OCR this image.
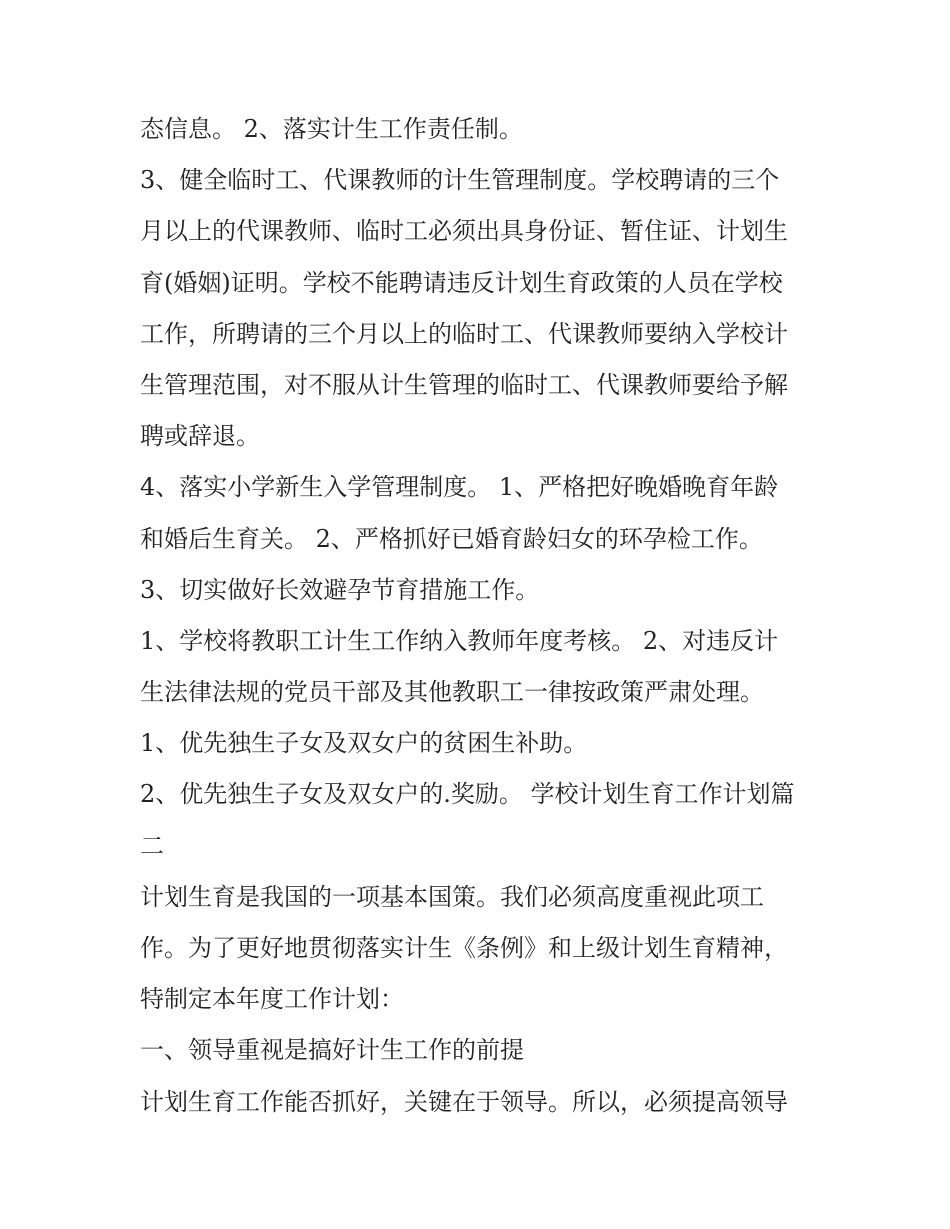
态信息。 2、落实计生工作责任制。
3、健全临时工、代课教师的计生管理制度。学校聘请的三个
月以上的代课教师、临时工必须出具身份证、暂住证、计划生
育(婚姻)证明。学校不能聘请违反计划生育政策的人员在学校
工作，所聘请的三个月以上的临时工、代课教师要纳入学校计
生管理范围，对不服从计生管理的临时工、代课教师要给予解
聘或辞退。
4、落实小学新生入学管理制度。 1、严格把好晚婚晚育年龄
和婚后生育关。 2、严格抓好已婚育龄妇女的环孕检工作。
3、切实做好长效避孕节育措施工作。
1、学校将教职工计生工作纳入教师年度考核。 2、对违反计
生法律法规的党员干部及其他教职工一律按政策严肃处理。
1、优先独生子女及双女户的贫困生补助。
2、优先独生子女及双女户的.奖励。 学校计划生育工作计划篇
二
计划生育是我国的一项基本国策。我们必须高度重视此项工
作。为了更好地贯彻落实计生《条例》和上级计划生育精神，
特制定本年度工作计划：
一、领导重视是搞好计生工作的前提
计划生育工作能否抓好，关键在于领导。所以，必须提高领导
